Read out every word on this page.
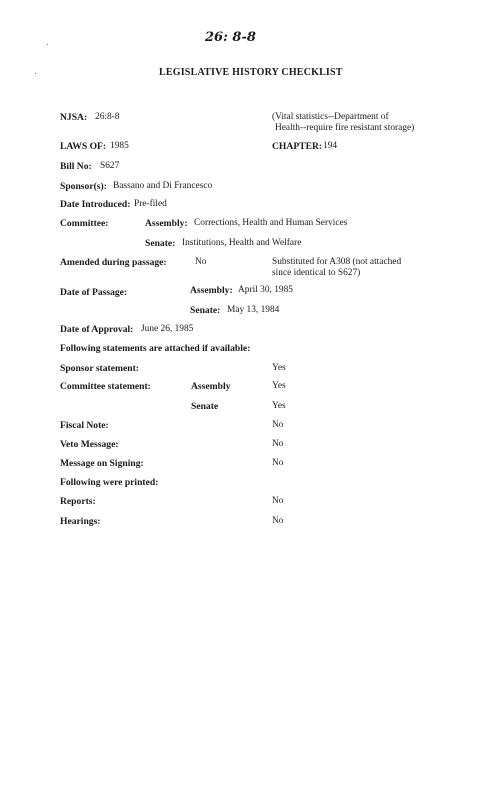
26: 8-8
LEGISLATIVE HISTORY CHECKLIST
NJSA: 26:8-8	(Vital statistics--Department of
Health--require fire resistant storage)
LAWS OF: 1985	CHAPTER: 194
Bill No: S627
Sponsor(s): Bassano and Di Francesco
Date Introduced: Pre-filed
Committee:	Assembly: Corrections, Health and Human Services
Senate: Institutions, Health and Welfare
Amended during passage:	No	Substituted for A308 (not attached
since identical to S627)
Date of Passage:	Assembly: April 30, 1985
Senate: May 13, 1984
Date of Approval: June 26, 1985
Following statements are attached if available:
Sponsor statement:	Yes
Committee statement:	Assembly	Yes
Senate	Yes
Fiscal Note:	No
Veto Message:	No
Message on Signing:	No
Following were printed:
Reports:	No
Hearings:	No
